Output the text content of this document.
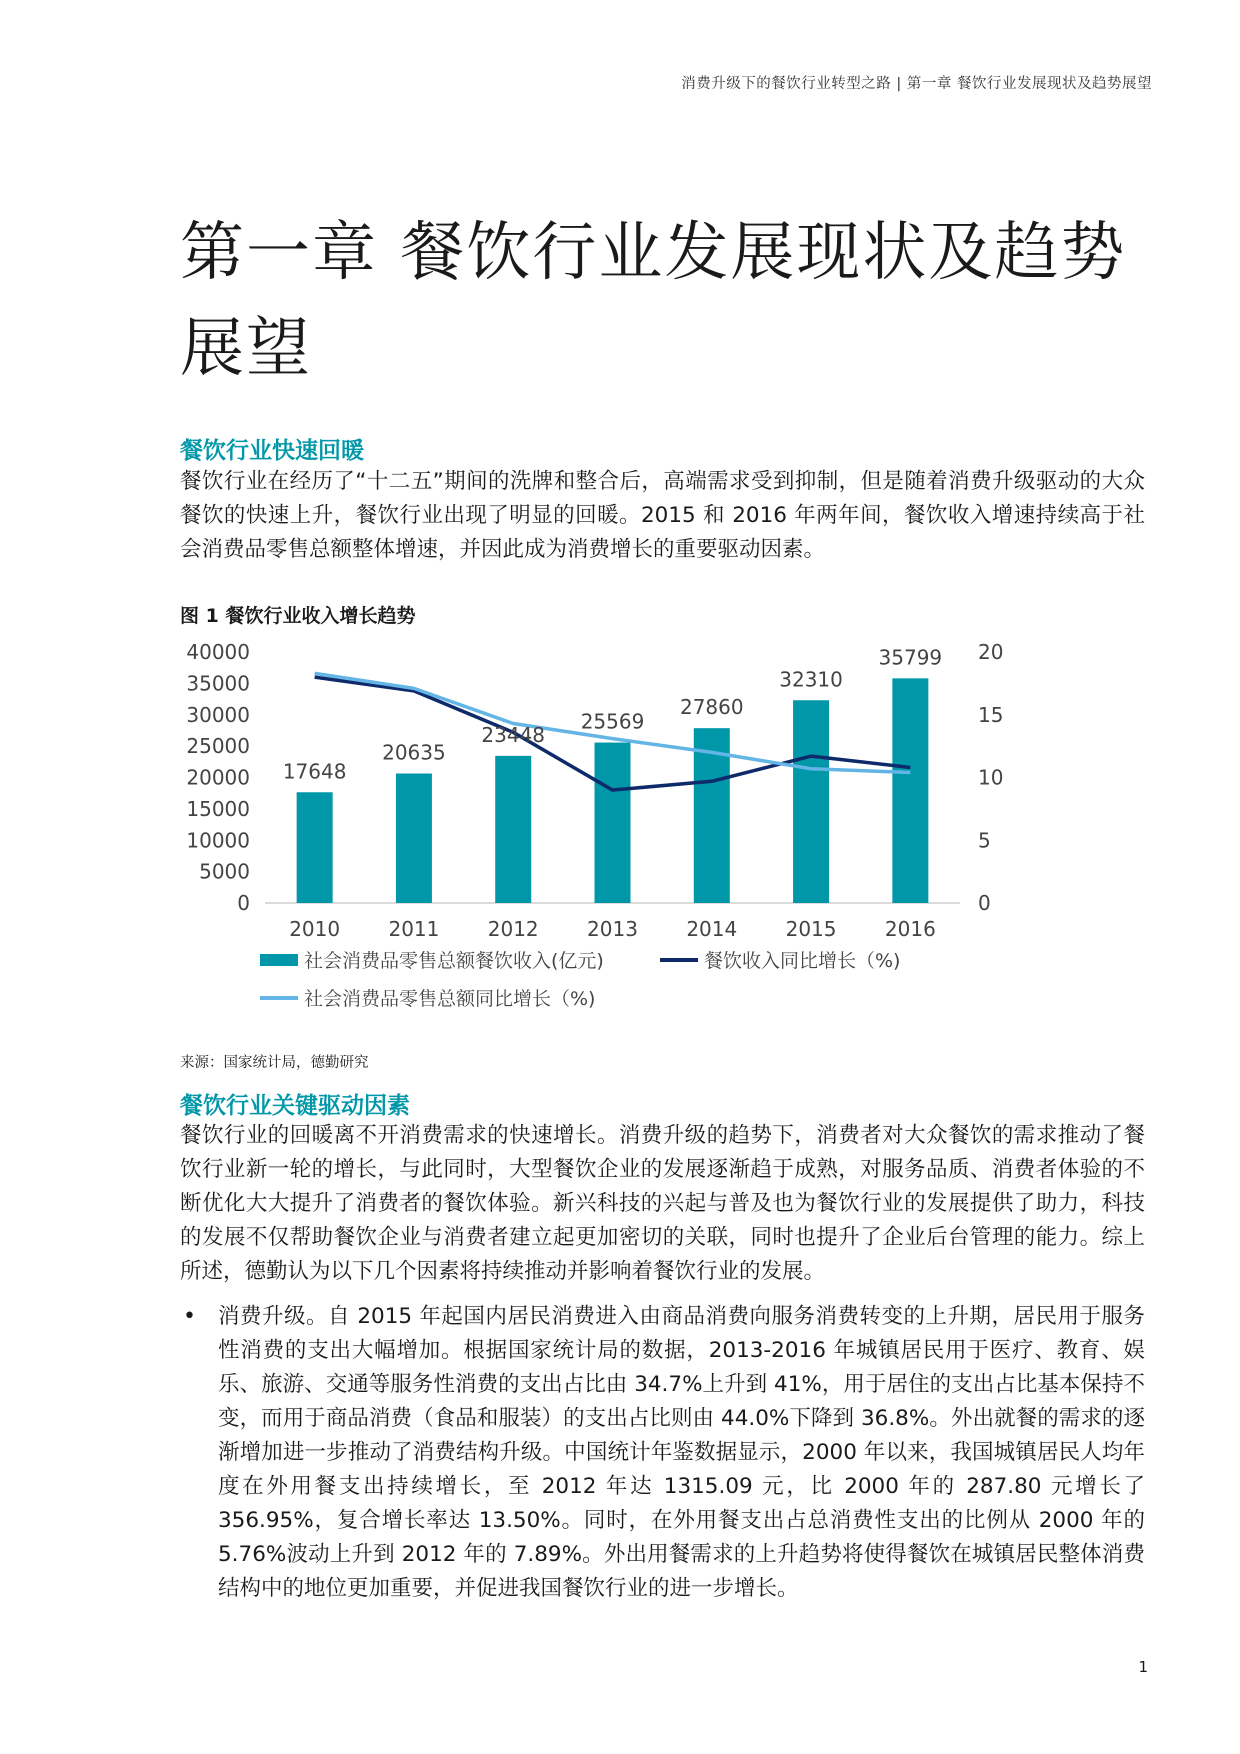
消费升级下的餐饮行业转型之路 | 第一章 餐饮行业发展现状及趋势展望
第一章 餐饮行业发展现状及趋势展望
餐饮行业快速回暖

餐饮行业在经历了“十二五”期间的洗牌和整合后，高端需求受到抑制，但是随着消费升级驱动的大众餐饮的快速上升，餐饮行业出现了明显的回暖。2015 和 2016 年两年间，餐饮收入增速持续高于社会消费品零售总额整体增速，并因此成为消费增长的重要驱动因素。

图 1 餐饮行业收入增长趋势
0
5000
10000
15000
20000
25000
30000
35000
40000
0
5
10
15
20
17648
20635
23448
25569
27860
32310
35799
2010 2011 2012 2013 2014 2015 2016
社会消费品零售总额餐饮收入(亿元)	餐饮收入同比增长（%)
社会消费品零售总额同比增长（%)
来源：国家统计局，德勤研究
餐饮行业关键驱动因素

餐饮行业的回暖离不开消费需求的快速增长。消费升级的趋势下，消费者对大众餐饮的需求推动了餐饮行业新一轮的增长，与此同时，大型餐饮企业的发展逐渐趋于成熟，对服务品质、消费者体验的不断优化大大提升了消费者的餐饮体验。新兴科技的兴起与普及也为餐饮行业的发展提供了助力，科技的发展不仅帮助餐饮企业与消费者建立起更加密切的关联，同时也提升了企业后台管理的能力。综上所述，德勤认为以下几个因素将持续推动并影响着餐饮行业的发展。

• 消费升级。自 2015 年起国内居民消费进入由商品消费向服务消费转变的上升期，居民用于服务性消费的支出大幅增加。根据国家统计局的数据，2013-2016 年城镇居民用于医疗、教育、娱乐、旅游、交通等服务性消费的支出占比由 34.7%上升到 41%，用于居住的支出占比基本保持不变，而用于商品消费（食品和服装）的支出占比则由 44.0%下降到 36.8%。外出就餐的需求的逐渐增加进一步推动了消费结构升级。中国统计年鉴数据显示，2000 年以来，我国城镇居民人均年度在外用餐支出持续增长，至 2012 年达 1315.09 元，比 2000 年的 287.80 元增长了 356.95%，复合增长率达 13.50%。同时，在外用餐支出占总消费性支出的比例从 2000 年的 5.76%波动上升到 2012 年的 7.89%。外出用餐需求的上升趋势将使得餐饮在城镇居民整体消费结构中的地位更加重要，并促进我国餐饮行业的进一步增长。
1
